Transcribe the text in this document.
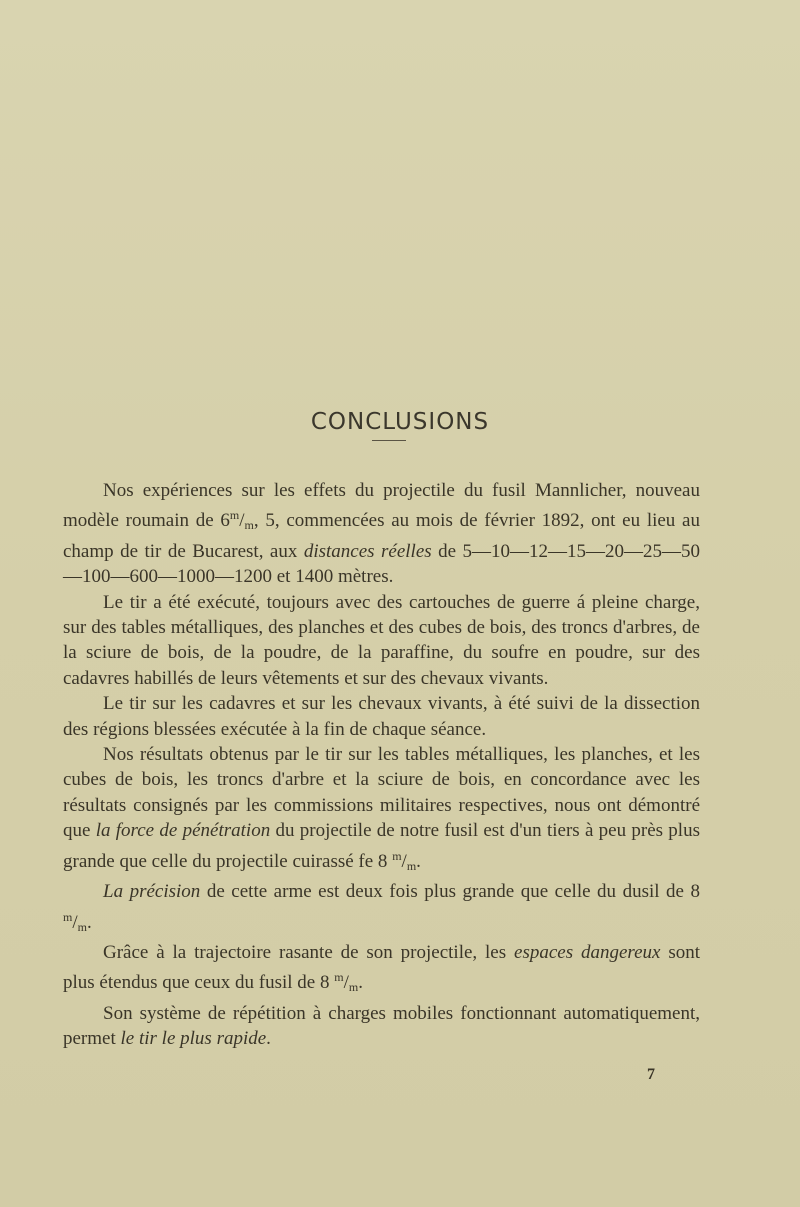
CONCLUSIONS

Nos expériences sur les effets du projectile du fusil Mannlicher, nouveau modèle roumain de $6^m/_m$, 5, commencées au mois de février 1892, ont eu lieu au champ de tir de Bucarest, aux distances réelles de 5—10—12—15—20—25—50—100—600—1000—1200 et 1400 mètres.

Le tir a été exécuté, toujours avec des cartouches de guerre á pleine charge, sur des tables métalliques, des planches et des cubes de bois, des troncs d'arbres, de la sciure de bois, de la poudre, de la paraffine, du soufre en poudre, sur des cadavres habillés de leurs vêtements et sur des chevaux vivants.

Le tir sur les cadavres et sur les chevaux vivants, à été suivi de la dissection des régions blessées exécutée à la fin de chaque séance.

Nos résultats obtenus par le tir sur les tables métalliques, les planches, et les cubes de bois, les troncs d'arbre et la sciure de bois, en concordance avec les résultats consignés par les commissions militaires respectives, nous ont démontré que la force de pénétration du projectile de notre fusil est d'un tiers à peu près plus grande que celle du projectile cuirassé fe 8 $^m/_m$.

La précision de cette arme est deux fois plus grande que celle du dusil de 8 $^m/_m$.

Grâce à la trajectoire rasante de son projectile, les espaces dangereux sont plus étendus que ceux du fusil de 8 $^m/_m$.

Son système de répétition à charges mobiles fonctionnant automatiquement, permet le tir le plus rapide.

7
